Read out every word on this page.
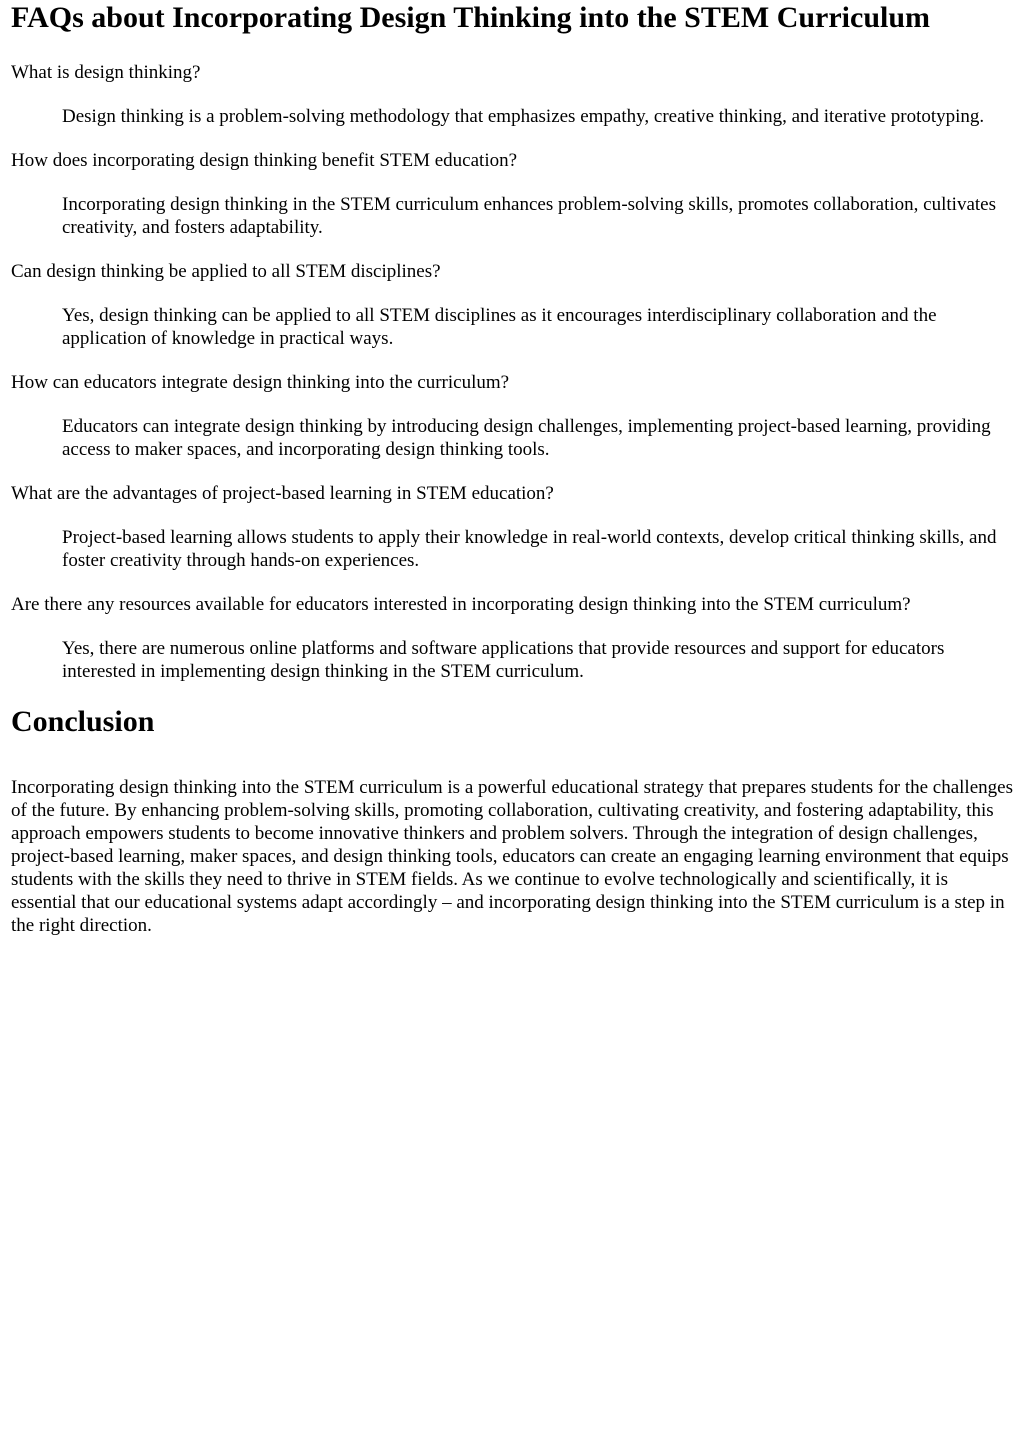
FAQs about Incorporating Design Thinking into the STEM Curriculum
What is design thinking?
Design thinking is a problem-solving methodology that emphasizes empathy, creative thinking, and iterative prototyping.
How does incorporating design thinking benefit STEM education?
Incorporating design thinking in the STEM curriculum enhances problem-solving skills, promotes collaboration, cultivates creativity, and fosters adaptability.
Can design thinking be applied to all STEM disciplines?
Yes, design thinking can be applied to all STEM disciplines as it encourages interdisciplinary collaboration and the application of knowledge in practical ways.
How can educators integrate design thinking into the curriculum?
Educators can integrate design thinking by introducing design challenges, implementing project-based learning, providing access to maker spaces, and incorporating design thinking tools.
What are the advantages of project-based learning in STEM education?
Project-based learning allows students to apply their knowledge in real-world contexts, develop critical thinking skills, and foster creativity through hands-on experiences.
Are there any resources available for educators interested in incorporating design thinking into the STEM curriculum?
Yes, there are numerous online platforms and software applications that provide resources and support for educators interested in implementing design thinking in the STEM curriculum.
Conclusion

Incorporating design thinking into the STEM curriculum is a powerful educational strategy that prepares students for the challenges of the future. By enhancing problem-solving skills, promoting collaboration, cultivating creativity, and fostering adaptability, this approach empowers students to become innovative thinkers and problem solvers. Through the integration of design challenges, project-based learning, maker spaces, and design thinking tools, educators can create an engaging learning environment that equips students with the skills they need to thrive in STEM fields. As we continue to evolve technologically and scientifically, it is essential that our educational systems adapt accordingly – and incorporating design thinking into the STEM curriculum is a step in the right direction.
